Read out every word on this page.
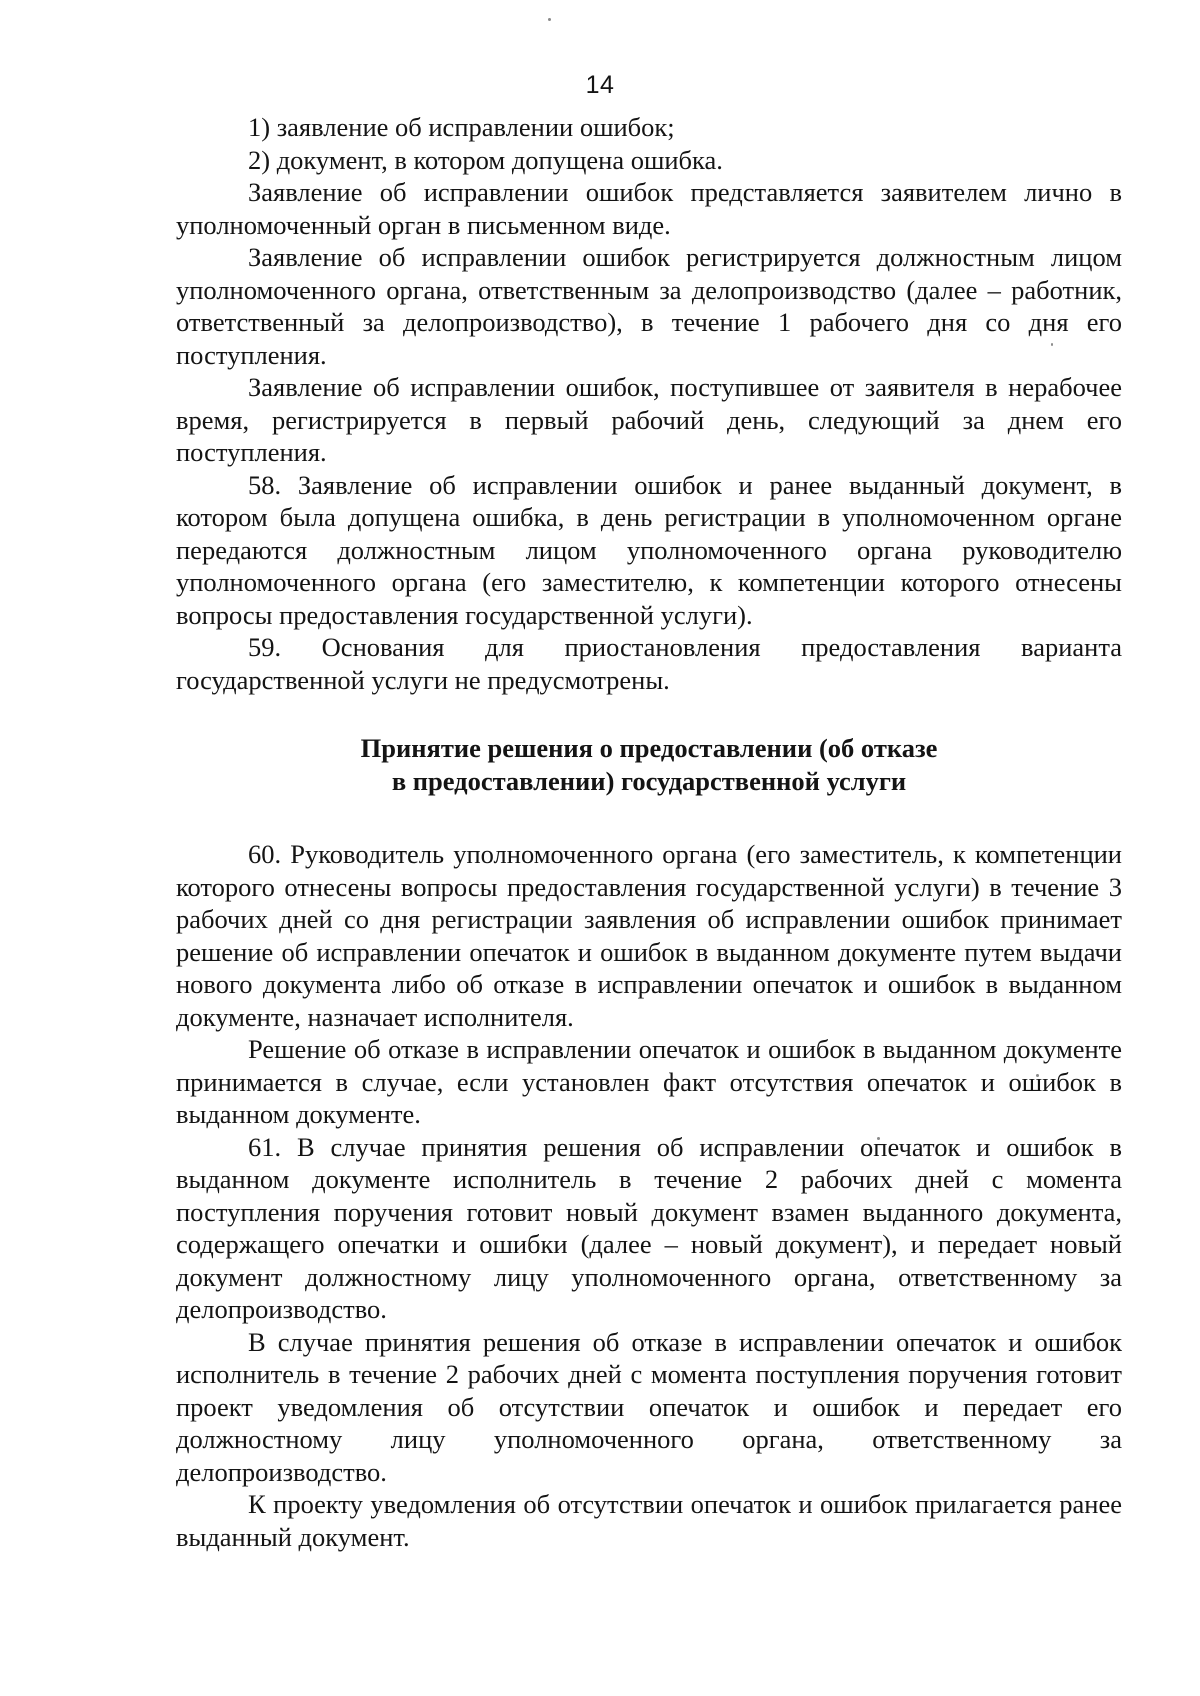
14

1) заявление об исправлении ошибок;

2) документ, в котором допущена ошибка.

Заявление об исправлении ошибок представляется заявителем лично в уполномоченный орган в письменном виде.

Заявление об исправлении ошибок регистрируется должностным лицом уполномоченного органа, ответственным за делопроизводство (далее – работник, ответственный за делопроизводство), в течение 1 рабочего дня со дня его поступления.

Заявление об исправлении ошибок, поступившее от заявителя в нерабочее время, регистрируется в первый рабочий день, следующий за днем его поступления.

58. Заявление об исправлении ошибок и ранее выданный документ, в котором была допущена ошибка, в день регистрации в уполномоченном органе передаются должностным лицом уполномоченного органа руководителю уполномоченного органа (его заместителю, к компетенции которого отнесены вопросы предоставления государственной услуги).

59. Основания для приостановления предоставления варианта государственной услуги не предусмотрены.

Принятие решения о предоставлении (об отказе
в предоставлении) государственной услуги

60. Руководитель уполномоченного органа (его заместитель, к компетенции которого отнесены вопросы предоставления государственной услуги) в течение 3 рабочих дней со дня регистрации заявления об исправлении ошибок принимает решение об исправлении опечаток и ошибок в выданном документе путем выдачи нового документа либо об отказе в исправлении опечаток и ошибок в выданном документе, назначает исполнителя.

Решение об отказе в исправлении опечаток и ошибок в выданном документе принимается в случае, если установлен факт отсутствия опечаток и ошибок в выданном документе.

61. В случае принятия решения об исправлении опечаток и ошибок в выданном документе исполнитель в течение 2 рабочих дней с момента поступления поручения готовит новый документ взамен выданного документа, содержащего опечатки и ошибки (далее – новый документ), и передает новый документ должностному лицу уполномоченного органа, ответственному за делопроизводство.

В случае принятия решения об отказе в исправлении опечаток и ошибок исполнитель в течение 2 рабочих дней с момента поступления поручения готовит проект уведомления об отсутствии опечаток и ошибок и передает его должностному лицу уполномоченного органа, ответственному за делопроизводство.

К проекту уведомления об отсутствии опечаток и ошибок прилагается ранее выданный документ.
